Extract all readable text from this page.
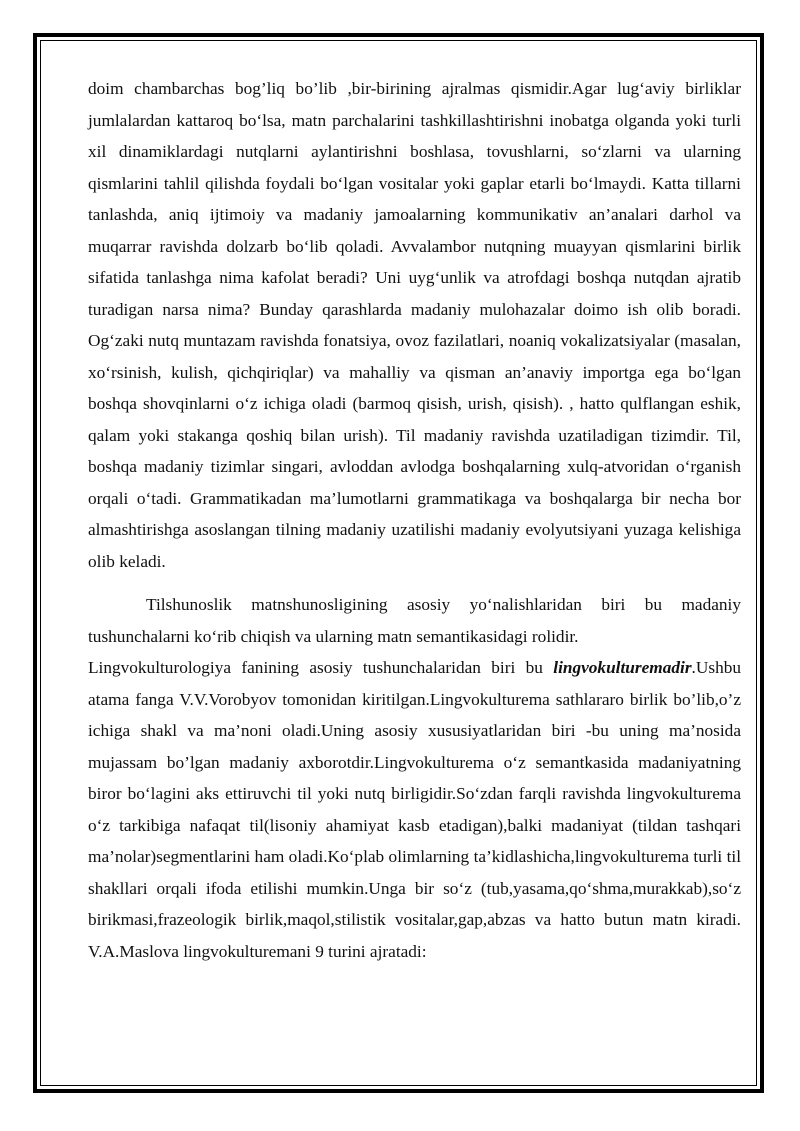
doim chambarchas bog’liq bo’lib ,bir-birining ajralmas qismidir.Agar lug‘aviy birliklar jumlalardan kattaroq bo‘lsa, matn parchalarini tashkillashtirishni inobatga olganda yoki turli xil dinamiklardagi nutqlarni aylantirishni boshlasa, tovushlarni, so‘zlarni va ularning qismlarini tahlil qilishda foydali bo‘lgan vositalar yoki gaplar etarli bo‘lmaydi. Katta tillarni tanlashda, aniq ijtimoiy va madaniy jamoalarning kommunikativ an’analari darhol va muqarrar ravishda dolzarb bo‘lib qoladi. Avvalambor nutqning muayyan qismlarini birlik sifatida tanlashga nima kafolat beradi? Uni uyg‘unlik va atrofdagi boshqa nutqdan ajratib turadigan narsa nima? Bunday qarashlarda madaniy mulohazalar doimo ish olib boradi. Og‘zaki nutq muntazam ravishda fonatsiya, ovoz fazilatlari, noaniq vokalizatsiyalar (masalan, xo‘rsinish, kulish, qichqiriqlar) va mahalliy va qisman an’anaviy importga ega bo‘lgan boshqa shovqinlarni o‘z ichiga oladi (barmoq qisish, urish, qisish). , hatto qulflangan eshik, qalam yoki stakanga qoshiq bilan urish). Til madaniy ravishda uzatiladigan tizimdir. Til, boshqa madaniy tizimlar singari, avloddan avlodga boshqalarning xulq-atvoridan o‘rganish orqali o‘tadi. Grammatikadan ma’lumotlarni grammatikaga va boshqalarga bir necha bor almashtirishga asoslangan tilning madaniy uzatilishi madaniy evolyutsiyani yuzaga kelishiga olib keladi.

Tilshunoslik matnshunosligining asosiy yo‘nalishlaridan biri bu madaniy tushunchalarni ko‘rib chiqish va ularning matn semantikasidagi rolidir.

Lingvokulturologiya fanining asosiy tushunchalaridan biri bu lingvokulturemadir.Ushbu atama fanga V.V.Vorobyov tomonidan kiritilgan.Lingvokulturema sathlararo birlik bo’lib,o’z ichiga shakl va ma’noni oladi.Uning asosiy xususiyatlaridan biri -bu uning ma’nosida mujassam bo’lgan madaniy axborotdir.Lingvokulturema o‘z semantkasida madaniyatning biror bo‘lagini aks ettiruvchi til yoki nutq birligidir.So‘zdan farqli ravishda lingvokulturema o‘z tarkibiga nafaqat til(lisoniy ahamiyat kasb etadigan),balki madaniyat (tildan tashqari ma’nolar)segmentlarini ham oladi.Ko‘plab olimlarning ta’kidlashicha,lingvokulturema turli til shakllari orqali ifoda etilishi mumkin.Unga bir so‘z (tub,yasama,qo‘shma,murakkab),so‘z birikmasi,frazeologik birlik,maqol,stilistik vositalar,gap,abzas va hatto butun matn kiradi. V.A.Maslova lingvokulturemani 9 turini ajratadi:
